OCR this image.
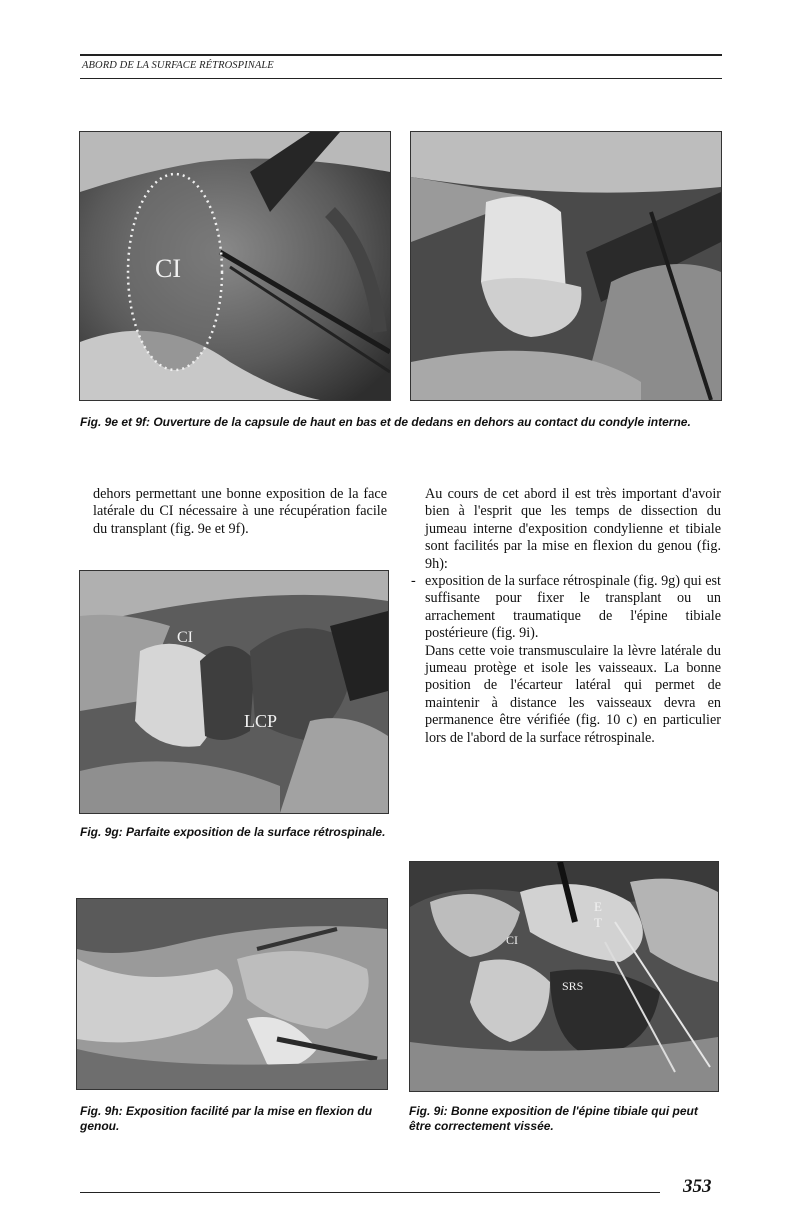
ABORD DE LA SURFACE RÉTROSPINALE
CI
Fig. 9e et 9f: Ouverture de la capsule de haut en bas et de dedans en dehors au contact du condyle interne.
dehors permettant une bonne exposition de la face latérale du CI nécessaire à une récupération facile du transplant (fig. 9e et 9f).

Au cours de cet abord il est très important d'avoir bien à l'esprit que les temps de dissection du jumeau interne d'exposition condylienne et tibiale sont facilités par la mise en flexion du genou (fig. 9h):

- exposition de la surface rétrospinale (fig. 9g) qui est suffisante pour fixer le transplant ou un arrachement traumatique de l'épine tibiale postérieure (fig. 9i).

Dans cette voie transmusculaire la lèvre latérale du jumeau protège et isole les vaisseaux. La bonne position de l'écarteur latéral qui permet de maintenir à distance les vaisseaux devra en permanence être vérifiée (fig. 10 c) en particulier lors de l'abord de la surface rétrospinale.

CI
LCP
Fig. 9g: Parfaite exposition de la surface rétrospinale.
Fig. 9h: Exposition facilité par la mise en flexion du genou.
E
T
CI
SRS
Fig. 9i: Bonne exposition de l'épine tibiale qui peut être correctement vissée.
353
